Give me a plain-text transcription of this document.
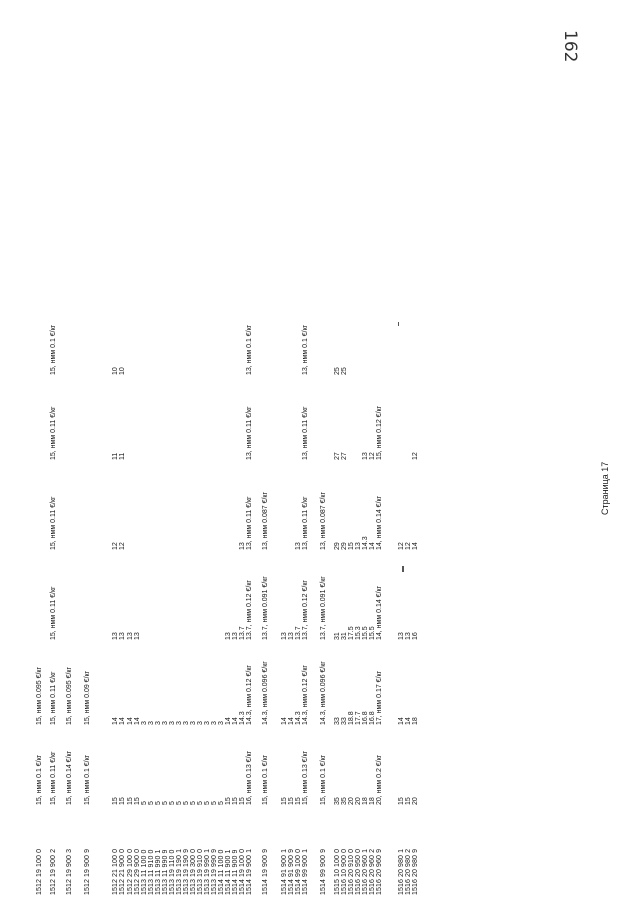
1512 19 100 0
15, нмм 0.1 €/кг
15, нмм 0.095 €/кг
1512 19 900 2
15, нмм 0.11 €/кг
15, нмм 0.11 €/кг
15, нмм 0.11 €/кг
15, нмм 0.11 €/кг
15, нмм 0.11 €/кг
15, нмм 0.1 €/кг
1512 19 900 3
15, нмм 0.14 €/кг
15, нмм 0.095 €/кг
1512 19 900 9
15, нмм 0.1 €/кг
15, нмм 0.09 €/кг
1512 21 100 0
15
14
13
12
11
10
1512 21 900 0
15
14
13
12
11
10
1512 29 100 0
15
14
13
1512 29 900 0
15
14
13
1513 11 100 0
5
3
1513 11 910 0
5
3
1513 11 990 1
5
3
1513 11 990 9
5
3
1513 19 110 0
5
3
1513 19 190 1
5
3
1513 19 190 9
5
3
1513 19 300 0
5
3
1513 19 910 0
5
3
1513 19 990 1
5
3
1513 19 990 9
5
3
1514 11 100 0
5
3
1514 11 900 1
15
14
13
1514 11 900 9
15
14
13
1514 19 100 0
15
14.3
13.7
13
1514 19 900 1
16, нмм 0.13 €/кг
14.3, нмм 0.12 €/кг
13.7, нмм 0.12 €/кг
13, нмм 0.11 €/кг
13, нмм 0.11 €/кг
13, нмм 0.1 €/кг
1514 19 900 9
15, нмм 0.1 €/кг
14.3, нмм 0.096 €/кг
13.7, нмм 0.091 €/кг
13, нмм 0.087 €/кг
1514 91 900 1
15
14
13
1514 91 900 9
15
14
13
1514 99 100 0
15
14.3
13.7
13
1514 99 900 1
15, нмм 0.13 €/кг
14.3, нмм 0.12 €/кг
13.7, нмм 0.12 €/кг
13, нмм 0.11 €/кг
13, нмм 0.11 €/кг
13, нмм 0.1 €/кг
1514 99 900 9
15, нмм 0.1 €/кг
14.3, нмм 0.096 €/кг
13.7, нмм 0.091 €/кг
13, нмм 0.087 €/кг
1515 10 100 0
35
33
31
29
27
25
1516 10 900 0
35
33
31
29
27
25
1516 20 910 0
20
18.8
17.5
15
1516 20 950 0
20
17.7
15.3
13
1516 20 960 1
18
16.8
15.5
14.3
13
1516 20 960 2
18
16.8
15.5
14
12
1516 20 960 9
20, нмм 0.2 €/кг
17, нмм 0.17 €/кг
14, нмм 0.14 €/кг
14, нмм 0.14 €/кг
15, нмм 0.12 €/кг
1516 20 980 1
15
14
13
12
1516 20 980 2
15
14
13
12
1516 20 980 9
20
18
16
14
12
Страница 17
162
